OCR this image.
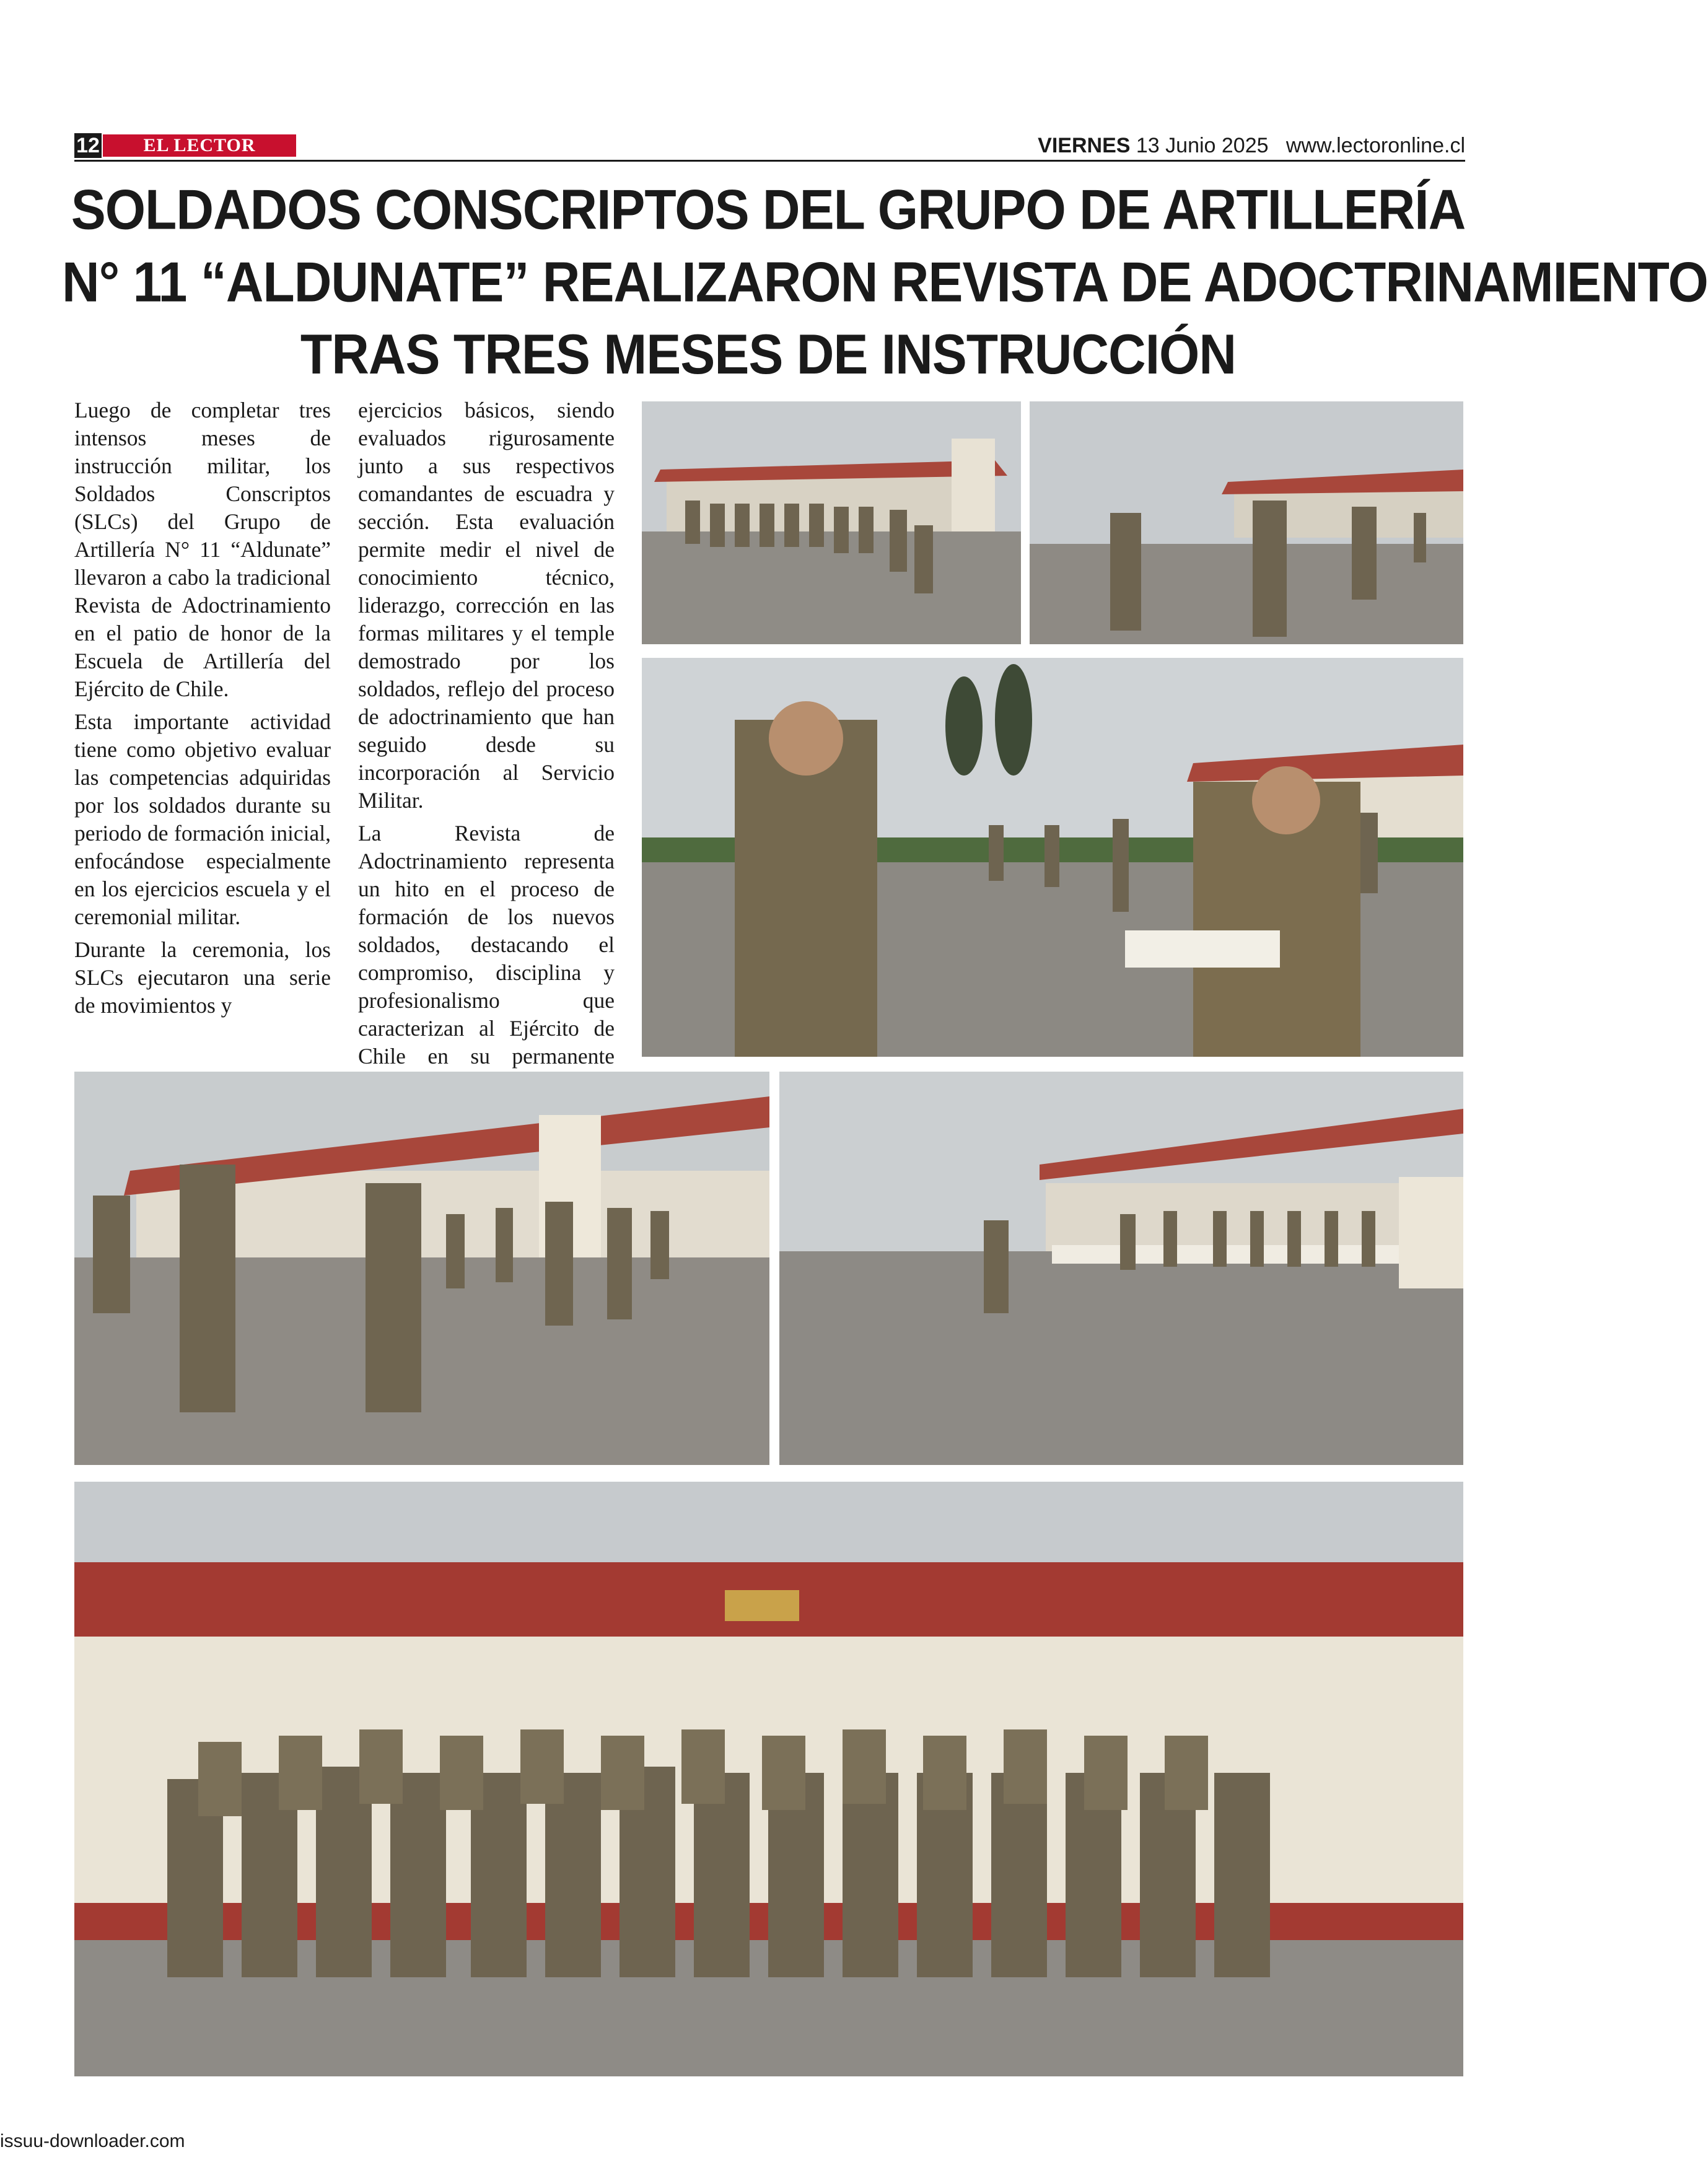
12	EL LECTOR	VIERNES 13 Junio 2025 www.lectoronline.cl
SOLDADOS CONSCRIPTOS DEL GRUPO DE ARTILLERÍA
N° 11 “ALDUNATE” REALIZARON REVISTA DE ADOCTRINAMIENTO
TRAS TRES MESES DE INSTRUCCIÓN

Luego de completar tres intensos meses de instrucción militar, los Soldados Conscriptos (SLCs) del Grupo de Artillería N° 11 “Aldunate” llevaron a cabo la tradicional Revista de Adoctrinamiento en el patio de honor de la Escuela de Artillería del Ejército de Chile.

Esta importante actividad tiene como objetivo evaluar las competencias adquiridas por los soldados durante su periodo de formación inicial, enfocándose especialmente en los ejercicios escuela y el ceremonial militar.

Durante la ceremonia, los SLCs ejecutaron una serie de movimientos y

ejercicios básicos, siendo evaluados rigurosamente junto a sus respectivos comandantes de escuadra y sección. Esta evaluación permite medir el nivel de conocimiento técnico, liderazgo, corrección en las formas militares y el temple demostrado por los soldados, reflejo del proceso de adoctrinamiento que han seguido desde su incorporación al Servicio Militar.

La Revista de Adoctrinamiento representa un hito en el proceso de formación de los nuevos soldados, destacando el compromiso, disciplina y profesionalismo que caracterizan al Ejército de Chile en su permanente

issuu-downloader.com
